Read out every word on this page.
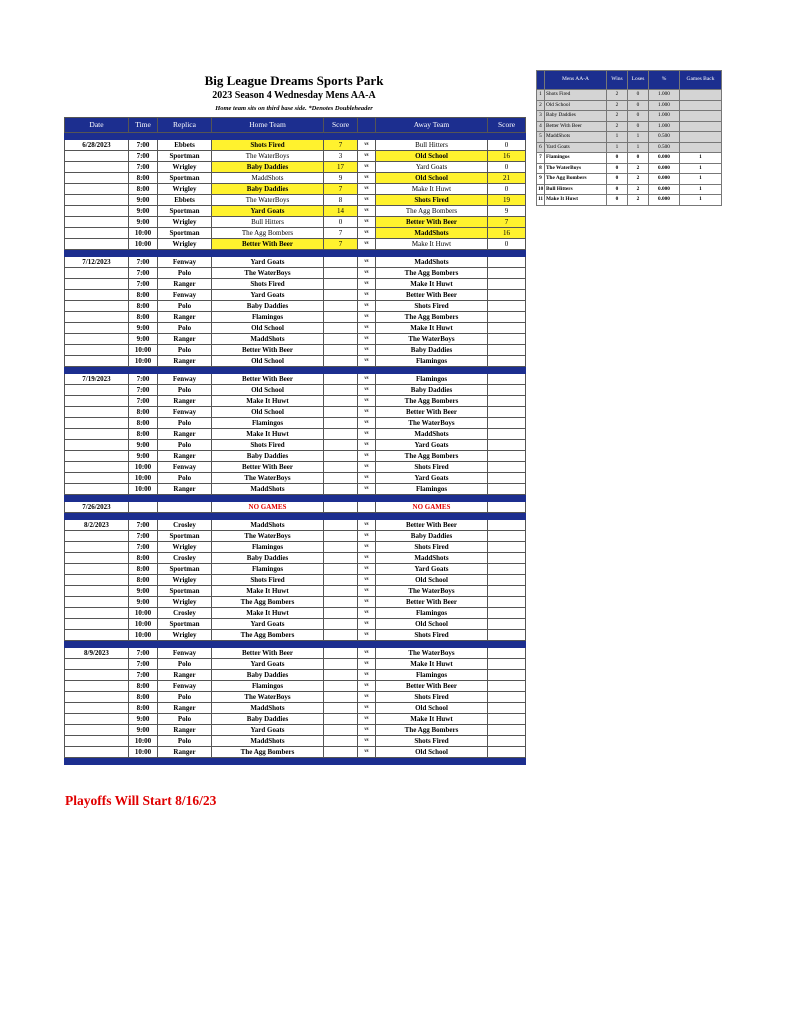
Big League Dreams Sports Park
2023 Season 4 Wednesday Mens AA-A
Home team sits on third base side. *Denotes Doubleheader
Date	Time	Replica	Home Team	Score		Away Team	Score

6/28/2023	7:00	Ebbets	Shots Fired	7	vs	Bull Hitters	0
	7:00	Sportman	The WaterBoys	3	vs	Old School	16
	7:00	Wrigley	Baby Daddies	17	vs	Yard Goats	0
	8:00	Sportman	MaddShots	9	vs	Old School	21
	8:00	Wrigley	Baby Daddies	7	vs	Make It Huwt	0
	9:00	Ebbets	The WaterBoys	8	vs	Shots Fired	19
	9:00	Sportman	Yard Goats	14	vs	The Agg Bombers	9
	9:00	Wrigley	Bull Hitters	0	vs	Better With Beer	7
	10:00	Sportman	The Agg Bombers	7	vs	MaddShots	16
	10:00	Wrigley	Better With Beer	7	vs	Make It Huwt	0

7/12/2023	7:00	Fenway	Yard Goats		vs	MaddShots	
	7:00	Polo	The WaterBoys		vs	The Agg Bombers	
	7:00	Ranger	Shots Fired		vs	Make It Huwt	
	8:00	Fenway	Yard Goats		vs	Better With Beer	
	8:00	Polo	Baby Daddies		vs	Shots Fired	
	8:00	Ranger	Flamingos		vs	The Agg Bombers	
	9:00	Polo	Old School		vs	Make It Huwt	
	9:00	Ranger	MaddShots		vs	The WaterBoys	
	10:00	Polo	Better With Beer		vs	Baby Daddies	
	10:00	Ranger	Old School		vs	Flamingos	

7/19/2023	7:00	Fenway	Better With Beer		vs	Flamingos	
	7:00	Polo	Old School		vs	Baby Daddies	
	7:00	Ranger	Make It Huwt		vs	The Agg Bombers	
	8:00	Fenway	Old School		vs	Better With Beer	
	8:00	Polo	Flamingos		vs	The WaterBoys	
	8:00	Ranger	Make It Huwt		vs	MaddShots	
	9:00	Polo	Shots Fired		vs	Yard Goats	
	9:00	Ranger	Baby Daddies		vs	The Agg Bombers	
	10:00	Fenway	Better With Beer		vs	Shots Fired	
	10:00	Polo	The WaterBoys		vs	Yard Goats	
	10:00	Ranger	MaddShots		vs	Flamingos	

7/26/2023			NO GAMES			NO GAMES	

8/2/2023	7:00	Crosley	MaddShots		vs	Better With Beer	
	7:00	Sportman	The WaterBoys		vs	Baby Daddies	
	7:00	Wrigley	Flamingos		vs	Shots Fired	
	8:00	Crosley	Baby Daddies		vs	MaddShots	
	8:00	Sportman	Flamingos		vs	Yard Goats	
	8:00	Wrigley	Shots Fired		vs	Old School	
	9:00	Sportman	Make It Huwt		vs	The WaterBoys	
	9:00	Wrigley	The Agg Bombers		vs	Better With Beer	
	10:00	Crosley	Make It Huwt		vs	Flamingos	
	10:00	Sportman	Yard Goats		vs	Old School	
	10:00	Wrigley	The Agg Bombers		vs	Shots Fired	

8/9/2023	7:00	Fenway	Better With Beer		vs	The WaterBoys	
	7:00	Polo	Yard Goats		vs	Make It Huwt	
	7:00	Ranger	Baby Daddies		vs	Flamingos	
	8:00	Fenway	Flamingos		vs	Better With Beer	
	8:00	Polo	The WaterBoys		vs	Shots Fired	
	8:00	Ranger	MaddShots		vs	Old School	
	9:00	Polo	Baby Daddies		vs	Make It Huwt	
	9:00	Ranger	Yard Goats		vs	The Agg Bombers	
	10:00	Polo	MaddShots		vs	Shots Fired	
	10:00	Ranger	The Agg Bombers		vs	Old School	

	Mens AA-A	Wins	Loses	%	Games Back
1	Shots Fired	2	0	1.000	
2	Old School	2	0	1.000	
3	Baby Daddies	2	0	1.000	
4	Better With Beer	2	0	1.000	
5	MaddShots	1	1	0.500	
6	Yard Goats	1	1	0.500	
7	Flamingos	0	0	0.000	1
8	The WaterBoys	0	2	0.000	1
9	The Agg Bombers	0	2	0.000	1
10	Bull Hitters	0	2	0.000	1
11	Make It Huwt	0	2	0.000	1
Playoffs Will Start 8/16/23
